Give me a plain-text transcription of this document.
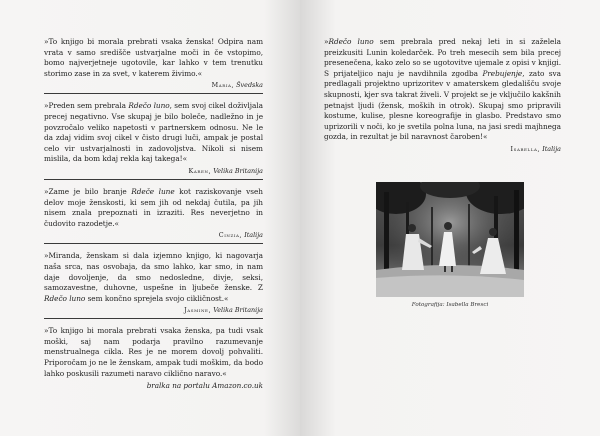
»To knjigo bi morala prebrati vsaka ženska! Odpira nam vrata v samo središče ustvarjalne moči in če vstopimo, bomo najverjetneje ugotovile, kar lahko v tem trenutku storimo zase in za svet, v katerem živimo.«

Maria, Švedska

»Preden sem prebrala Rdečo luno, sem svoj cikel doživljala precej negativno. Vse skupaj je bilo boleče, nadležno in je povzročalo veliko napetosti v partnerskem odnosu. Ne le da zdaj vidim svoj cikel v čisto drugi luči, ampak je postal celo vir ustvarjalnosti in zadovoljstva. Nikoli si nisem mislila, da bom kdaj rekla kaj takega!«

Karen, Velika Britanija

»Zame je bilo branje Rdeče lune kot raziskovanje vseh delov moje ženskosti, ki sem jih od nekdaj čutila, pa jih nisem znala prepoznati in izraziti. Res neverjetno in čudovito razodetje.«

Cinzia, Italija

»Miranda, ženskam si dala izjemno knjigo, ki nagovarja naša srca, nas osvobaja, da smo lahko, kar smo, in nam daje dovoljenje, da smo nedosledne, divje, seksi, samozavestne, duhovne, uspešne in ljubeče ženske. Z Rdečo luno sem končno sprejela svojo cikličnost.«

Jasmine, Velika Britanija

»To knjigo bi morala prebrati vsaka ženska, pa tudi vsak moški, saj nam podarja pravilno razumevanje menstrualnega cikla. Res je ne morem dovolj pohvaliti. Priporočam jo ne le ženskam, ampak tudi moškim, da bodo lahko poskusili razumeti naravo ciklično naravo.«

bralka na portalu Amazon.co.uk

»Rdečo luno sem prebrala pred nekaj leti in si zaželela preizkusiti Lunin koledarček. Po treh mesecih sem bila precej presenečena, kako zelo so se ugotovitve ujemale z opisi v knjigi. S prijateljico naju je navdihnila zgodba Prebujenje, zato sva predlagali projektno uprizoritev v amaterskem gledališču svoje skupnosti, kjer sva takrat živeli. V projekt se je vključilo kakšnih petnajst ljudi (žensk, moških in otrok). Skupaj smo pripravili kostume, kulise, plesne koreografije in glasbo. Predstavo smo uprizorili v noči, ko je svetila polna luna, na jasi sredi majhnega gozda, in rezultat je bil naravnost čaroben!«

Isabella, Italija
Fotografija: Isabella Bresci
